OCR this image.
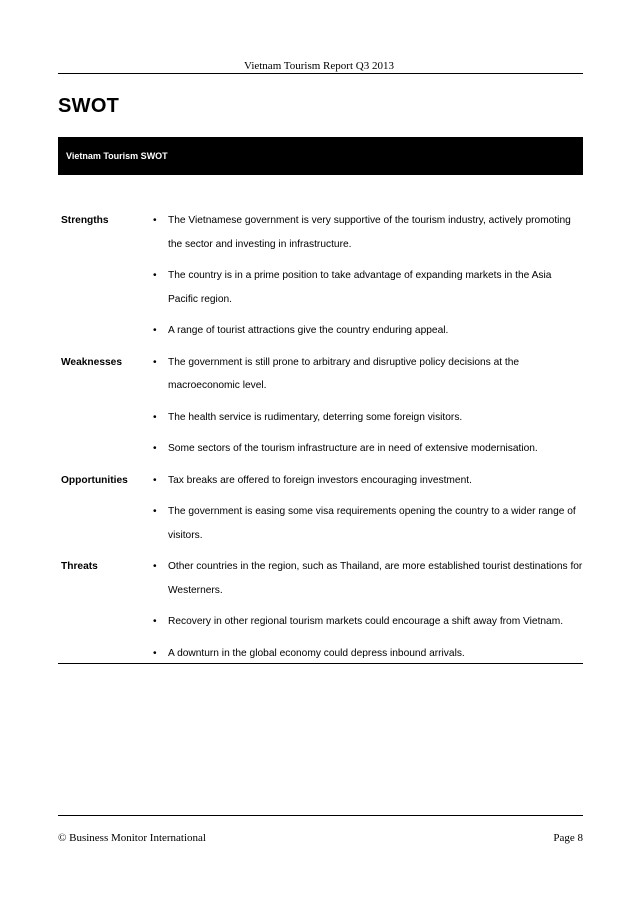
Vietnam Tourism Report Q3 2013
SWOT
Vietnam Tourism SWOT
Strengths	• The Vietnamese government is very supportive of the tourism industry, actively promoting the sector and investing in infrastructure.
• The country is in a prime position to take advantage of expanding markets in the Asia Pacific region.
• A range of tourist attractions give the country enduring appeal.
Weaknesses	• The government is still prone to arbitrary and disruptive policy decisions at the macroeconomic level.
• The health service is rudimentary, deterring some foreign visitors.
• Some sectors of the tourism infrastructure are in need of extensive modernisation.
Opportunities	• Tax breaks are offered to foreign investors encouraging investment.
• The government is easing some visa requirements opening the country to a wider range of visitors.
Threats	• Other countries in the region, such as Thailand, are more established tourist destinations for Westerners.
• Recovery in other regional tourism markets could encourage a shift away from Vietnam.
• A downturn in the global economy could depress inbound arrivals.
© Business Monitor International	Page 8
